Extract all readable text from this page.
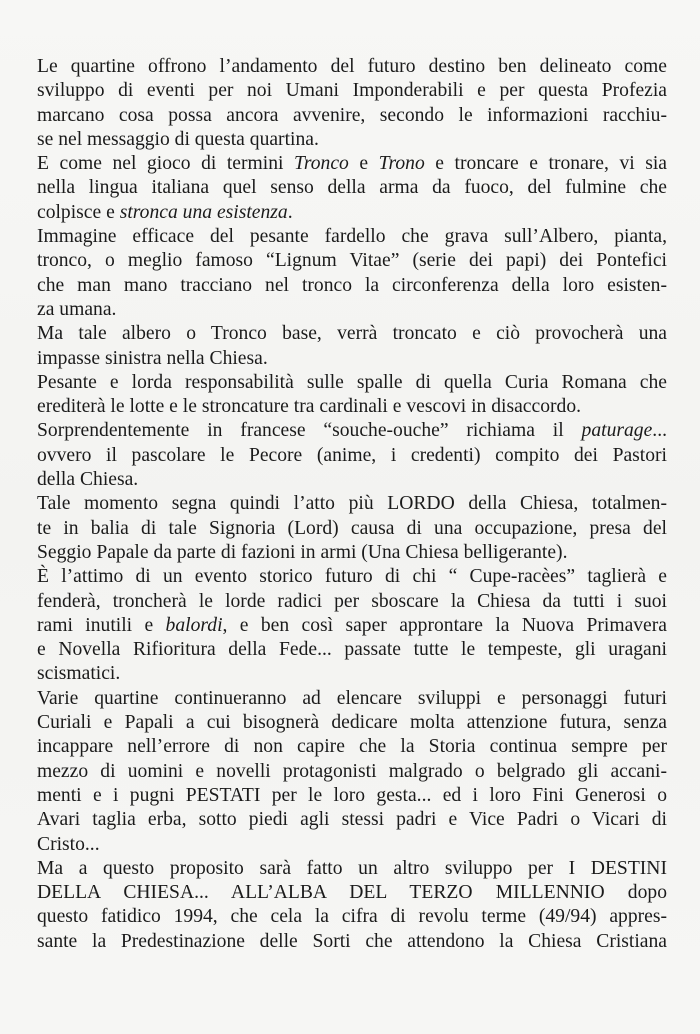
Le quartine offrono l’andamento del futuro destino ben delineato come
sviluppo di eventi per noi Umani Imponderabili e per questa Profezia
marcano cosa possa ancora avvenire, secondo le informazioni racchiu-
se nel messaggio di questa quartina.
E come nel gioco di termini Tronco e Trono e troncare e tronare, vi sia
nella lingua italiana quel senso della arma da fuoco, del fulmine che
colpisce e stronca una esistenza.
Immagine efficace del pesante fardello che grava sull’Albero, pianta,
tronco, o meglio famoso “Lignum Vitae” (serie dei papi) dei Pontefici
che man mano tracciano nel tronco la circonferenza della loro esisten-
za umana.
Ma tale albero o Tronco base, verrà troncato e ciò provocherà una
impasse sinistra nella Chiesa.
Pesante e lorda responsabilità sulle spalle di quella Curia Romana che
erediterà le lotte e le stroncature tra cardinali e vescovi in disaccordo.
Sorprendentemente in francese “souche-ouche” richiama il paturage...
ovvero il pascolare le Pecore (anime, i credenti) compito dei Pastori
della Chiesa.
Tale momento segna quindi l’atto più LORDO della Chiesa, totalmen-
te in balia di tale Signoria (Lord) causa di una occupazione, presa del
Seggio Papale da parte di fazioni in armi (Una Chiesa belligerante).
È l’attimo di un evento storico futuro di chi “ Cupe-racèes” taglierà e
fenderà, troncherà le lorde radici per sboscare la Chiesa da tutti i suoi
rami inutili e balordi, e ben così saper approntare la Nuova Primavera
e Novella Rifioritura della Fede... passate tutte le tempeste, gli uragani
scismatici.
Varie quartine continueranno ad elencare sviluppi e personaggi futuri
Curiali e Papali a cui bisognerà dedicare molta attenzione futura, senza
incappare nell’errore di non capire che la Storia continua sempre per
mezzo di uomini e novelli protagonisti malgrado o belgrado gli accani-
menti e i pugni PESTATI per le loro gesta... ed i loro Fini Generosi o
Avari taglia erba, sotto piedi agli stessi padri e Vice Padri o Vicari di
Cristo...
Ma a questo proposito sarà fatto un altro sviluppo per I DESTINI
DELLA CHIESA... ALL’ALBA DEL TERZO MILLENNIO dopo
questo fatidico 1994, che cela la cifra di revolu terme (49/94) appres-
sante la Predestinazione delle Sorti che attendono la Chiesa Cristiana
